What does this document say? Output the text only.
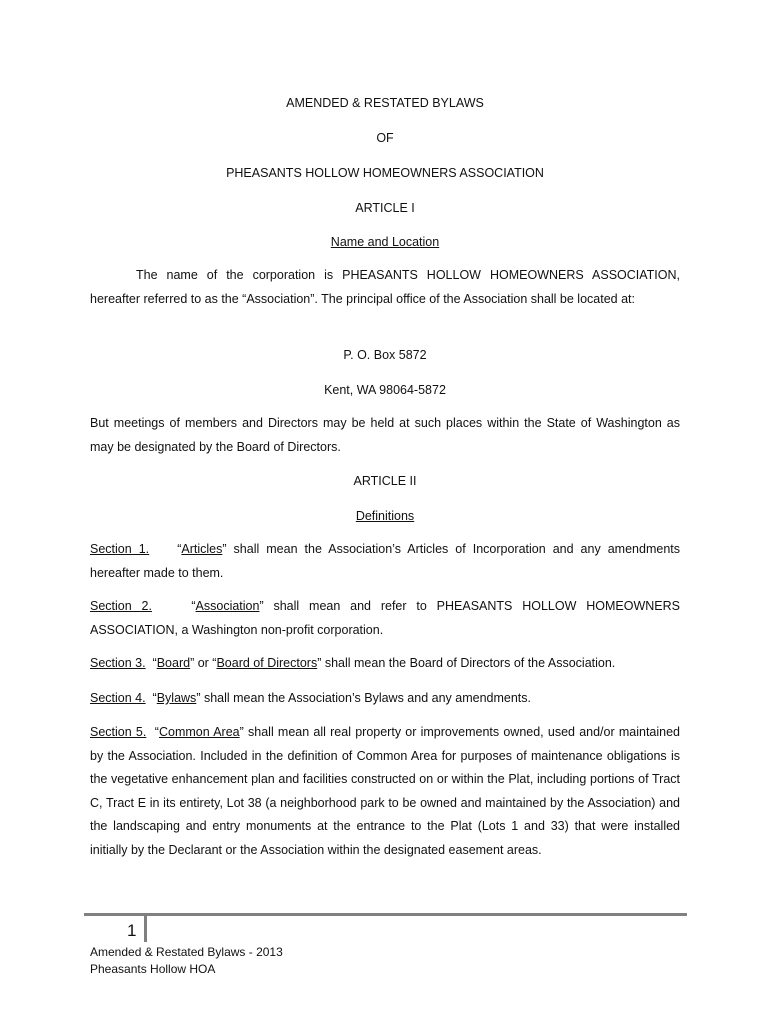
AMENDED & RESTATED BYLAWS

OF

PHEASANTS HOLLOW HOMEOWNERS ASSOCIATION

ARTICLE I

Name and Location

The name of the corporation is PHEASANTS HOLLOW HOMEOWNERS ASSOCIATION, hereafter referred to as the “Association”. The principal office of the Association shall be located at:

P. O. Box 5872

Kent, WA 98064-5872

But meetings of members and Directors may be held at such places within the State of Washington as may be designated by the Board of Directors.

ARTICLE II

Definitions

Section 1. “Articles” shall mean the Association’s Articles of Incorporation and any amendments hereafter made to them.

Section 2.	“Association” shall mean and refer to PHEASANTS HOLLOW HOMEOWNERS ASSOCIATION, a Washington non-profit corporation.

Section 3. “Board” or “Board of Directors” shall mean the Board of Directors of the Association.

Section 4. “Bylaws” shall mean the Association’s Bylaws and any amendments.

Section 5. “Common Area” shall mean all real property or improvements owned, used and/or maintained by the Association. Included in the definition of Common Area for purposes of maintenance obligations is the vegetative enhancement plan and facilities constructed on or within the Plat, including portions of Tract C, Tract E in its entirety, Lot 38 (a neighborhood park to be owned and maintained by the Association) and the landscaping and entry monuments at the entrance to the Plat (Lots 1 and 33) that were installed initially by the Declarant or the Association within the designated easement areas.

1

Amended & Restated Bylaws - 2013

Pheasants Hollow HOA
